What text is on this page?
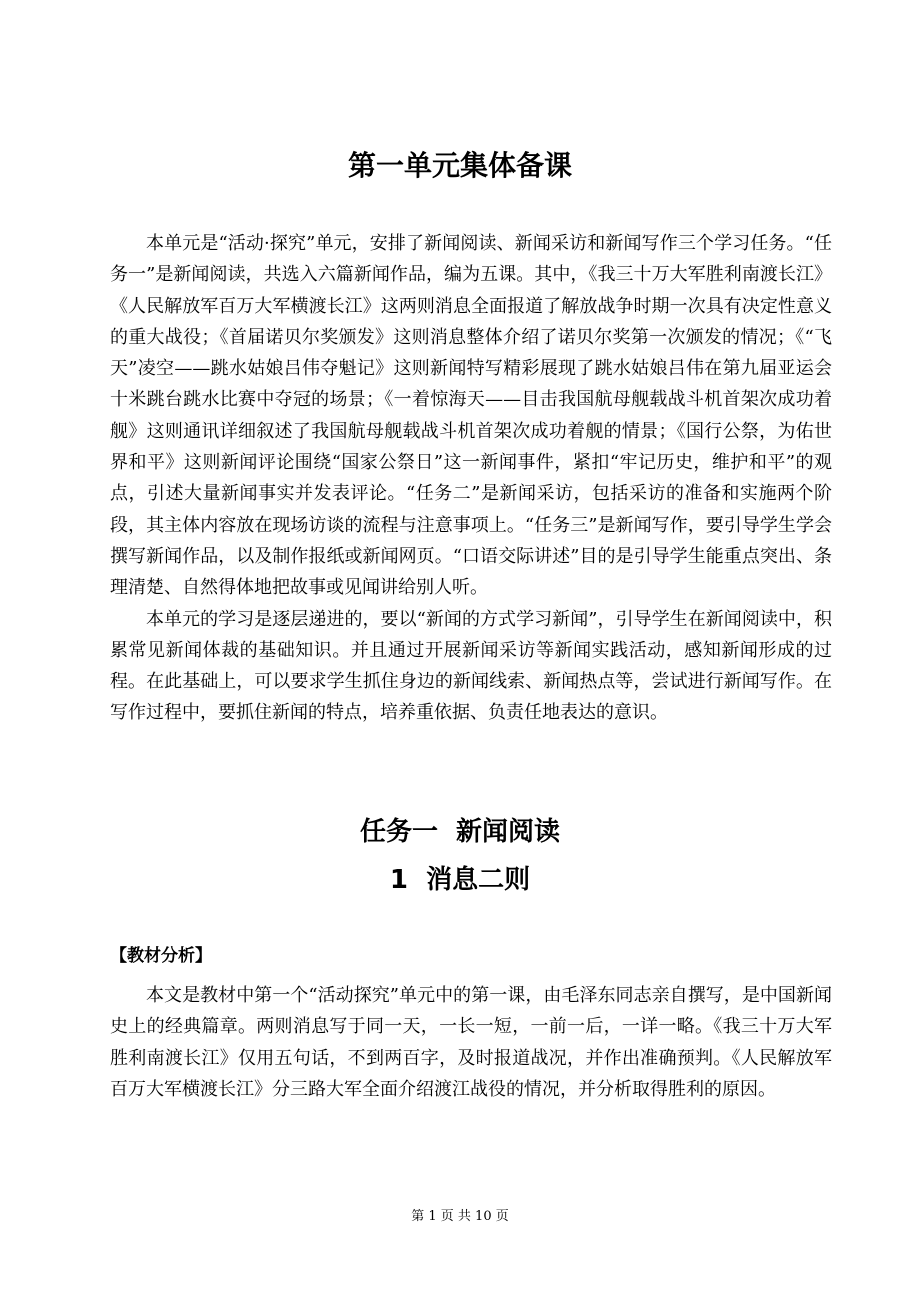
第一单元集体备课

本单元是“活动·探究”单元，安排了新闻阅读、新闻采访和新闻写作三个学习任务。“任务一”是新闻阅读，共选入六篇新闻作品，编为五课。其中，《我三十万大军胜利南渡长江》《人民解放军百万大军横渡长江》这两则消息全面报道了解放战争时期一次具有决定性意义的重大战役；《首届诺贝尔奖颁发》这则消息整体介绍了诺贝尔奖第一次颁发的情况；《“飞天”凌空——跳水姑娘吕伟夺魁记》这则新闻特写精彩展现了跳水姑娘吕伟在第九届亚运会十米跳台跳水比赛中夺冠的场景；《一着惊海天——目击我国航母舰载战斗机首架次成功着舰》这则通讯详细叙述了我国航母舰载战斗机首架次成功着舰的情景；《国行公祭，为佑世界和平》这则新闻评论围绕“国家公祭日”这一新闻事件，紧扣“牢记历史，维护和平”的观点，引述大量新闻事实并发表评论。“任务二”是新闻采访，包括采访的准备和实施两个阶段，其主体内容放在现场访谈的流程与注意事项上。“任务三”是新闻写作，要引导学生学会撰写新闻作品，以及制作报纸或新闻网页。“口语交际讲述”目的是引导学生能重点突出、条理清楚、自然得体地把故事或见闻讲给别人听。

本单元的学习是逐层递进的，要以“新闻的方式学习新闻”，引导学生在新闻阅读中，积累常见新闻体裁的基础知识。并且通过开展新闻采访等新闻实践活动，感知新闻形成的过程。在此基础上，可以要求学生抓住身边的新闻线索、新闻热点等，尝试进行新闻写作。在写作过程中，要抓住新闻的特点，培养重依据、负责任地表达的意识。

任务一  新闻阅读
1  消息二则
【教材分析】

本文是教材中第一个“活动探究”单元中的第一课，由毛泽东同志亲自撰写，是中国新闻史上的经典篇章。两则消息写于同一天，一长一短，一前一后，一详一略。《我三十万大军胜利南渡长江》仅用五句话，不到两百字，及时报道战况，并作出准确预判。《人民解放军百万大军横渡长江》分三路大军全面介绍渡江战役的情况，并分析取得胜利的原因。

第 1 页 共 10 页
